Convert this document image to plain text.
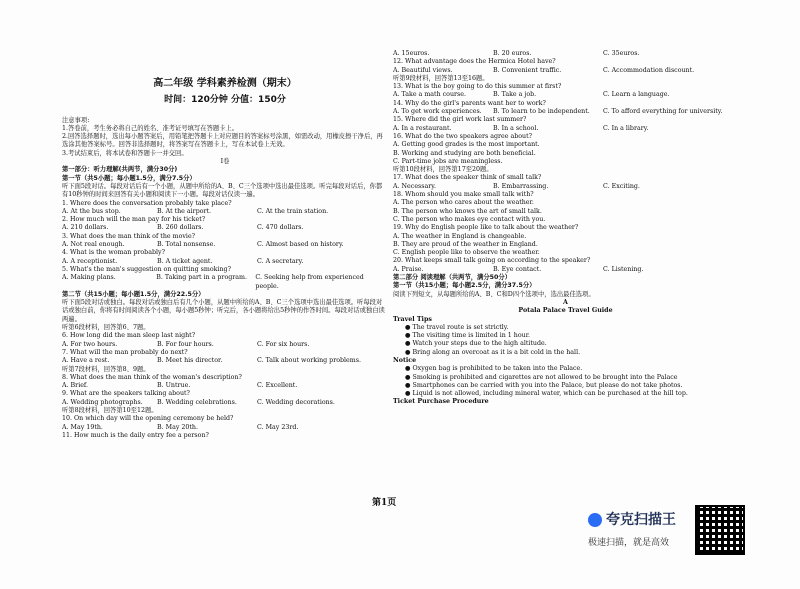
高二年级 学科素养检测（期末）
时间：120分钟 分值：150分
注意事项:
1.答卷前，考生务必将自己的姓名、准考证号填写在答题卡上。
2.回答选择题时，选出每小题答案后，用铅笔把答题卡上对应题目的答案标号涂黑，如需改动，用橡皮擦干净后，再选涂其他答案标号。回答非选择题时，将答案写在答题卡上，写在本试卷上无效。
3.考试结束后，将本试卷和答题卡一并交回。
I卷
第一部分：听力理解(共两节，满分30分)
第一节（共5小题；每小题1.5分，满分7.5分）
听下面5段对话。每段对话后有一个小题，从题中所给的A、B、C三个选项中选出最佳选项。听完每段对话后，你都有10秒钟的时间来回答有关小题和阅读下一小题。每段对话仅读一遍。
1. Where does the conversation probably take place?
A. At the bus stop.	B. At the airport.	C. At the train station.
2. How much will the man pay for his ticket?
A. 210 dollars.	B. 260 dollars.	C. 470 dollars.
3. What does the man think of the movie?
A. Not real enough.	B. Total nonsense.	C. Almost based on history.
4. What is the woman probably?
A. A receptionist.	B. A ticket agent.	C. A secretary.
5. What's the man's suggestion on quitting smoking?
A. Making plans.	B. Taking part in a program.	C. Seeking help from experienced people.
第二节（共15小题；每小题1.5分，满分22.5分）
听下面5段对话或独白。每段对话或独白后有几个小题，从题中所给的A、B、C三个选项中选出最佳选项。听每段对话或独白前，你将有时间阅读各个小题，每小题5秒钟；听完后，各小题将给出5秒钟的作答时间。每段对话或独白读两遍。
听第6段材料，回答第6、7题。
6. How long did the man sleep last night?
A. For two hours.	B. For four hours.	C. For six hours.
7. What will the man probably do next?
A. Have a rest.	B. Meet his director.	C. Talk about working problems.
听第7段材料，回答第8、9题。
8. What does the man think of the woman's description?
A. Brief.	B. Untrue.	C. Excellent.
9. What are the speakers talking about?
A. Wedding photographs.	B. Wedding celebrations.	C. Wedding decorations.
听第8段材料，回答第10至12题。
10. On which day will the opening ceremony be held?
A. May 19th.	B. May 20th.	C. May 23rd.
11. How much is the daily entry fee a person?
A. 15euros.	B. 20 euros.	C. 35euros.
12. What advantage does the Hermica Hotel have?
A. Beautiful views.	B. Convenient traffic.	C. Accommodation discount.
听第9段材料，回答第13至16题。
13. What is the boy going to do this summer at first?
A. Take a math course.	B. Take a job.	C. Learn a language.
14. Why do the girl's parents want her to work?
A. To get work experiences.	B. To learn to be independent.	C. To afford everything for university.
15. Where did the girl work last summer?
A. In a restaurant.	B. In a school.	C. In a library.
16. What do the two speakers agree about?
A. Getting good grades is the most important.
B. Working and studying are both beneficial.
C. Part-time jobs are meaningless.
听第10段材料，回答第17至20题。
17. What does the speaker think of small talk?
A. Necessary.	B. Embarrassing.	C. Exciting.
18. Whom should you make small talk with?
A. The person who cares about the weather.
B. The person who knows the art of small talk.
C. The person who makes eye contact with you.
19. Why do English people like to talk about the weather?
A. The weather in England is changeable.
B. They are proud of the weather in England.
C. English people like to observe the weather.
20. What keeps small talk going on according to the speaker?
A. Praise.	B. Eye contact.	C. Listening.
第二部分 阅读理解（共两节，满分50分）
第一节（共15小题；每小题2.5分，满分37.5分）
阅读下列短文，从每题所给的A、B、C和D四个选项中，选出最佳选项。
A
Potala Palace Travel Guide
Travel Tips
● The travel route is set strictly.
● The visiting time is limited in 1 hour.
● Watch your steps due to the high altitude.
● Bring along an overcoat as it is a bit cold in the hall.
Notice
● Oxygen bag is prohibited to be taken into the Palace.
● Smoking is prohibited and cigarettes are not allowed to be brought into the Palace
● Smartphones can be carried with you into the Palace, but please do not take photos.
● Liquid is not allowed, including mineral water, which can be purchased at the hill top.
Ticket Purchase Procedure
第1页
夸克扫描王
极速扫描，就是高效
